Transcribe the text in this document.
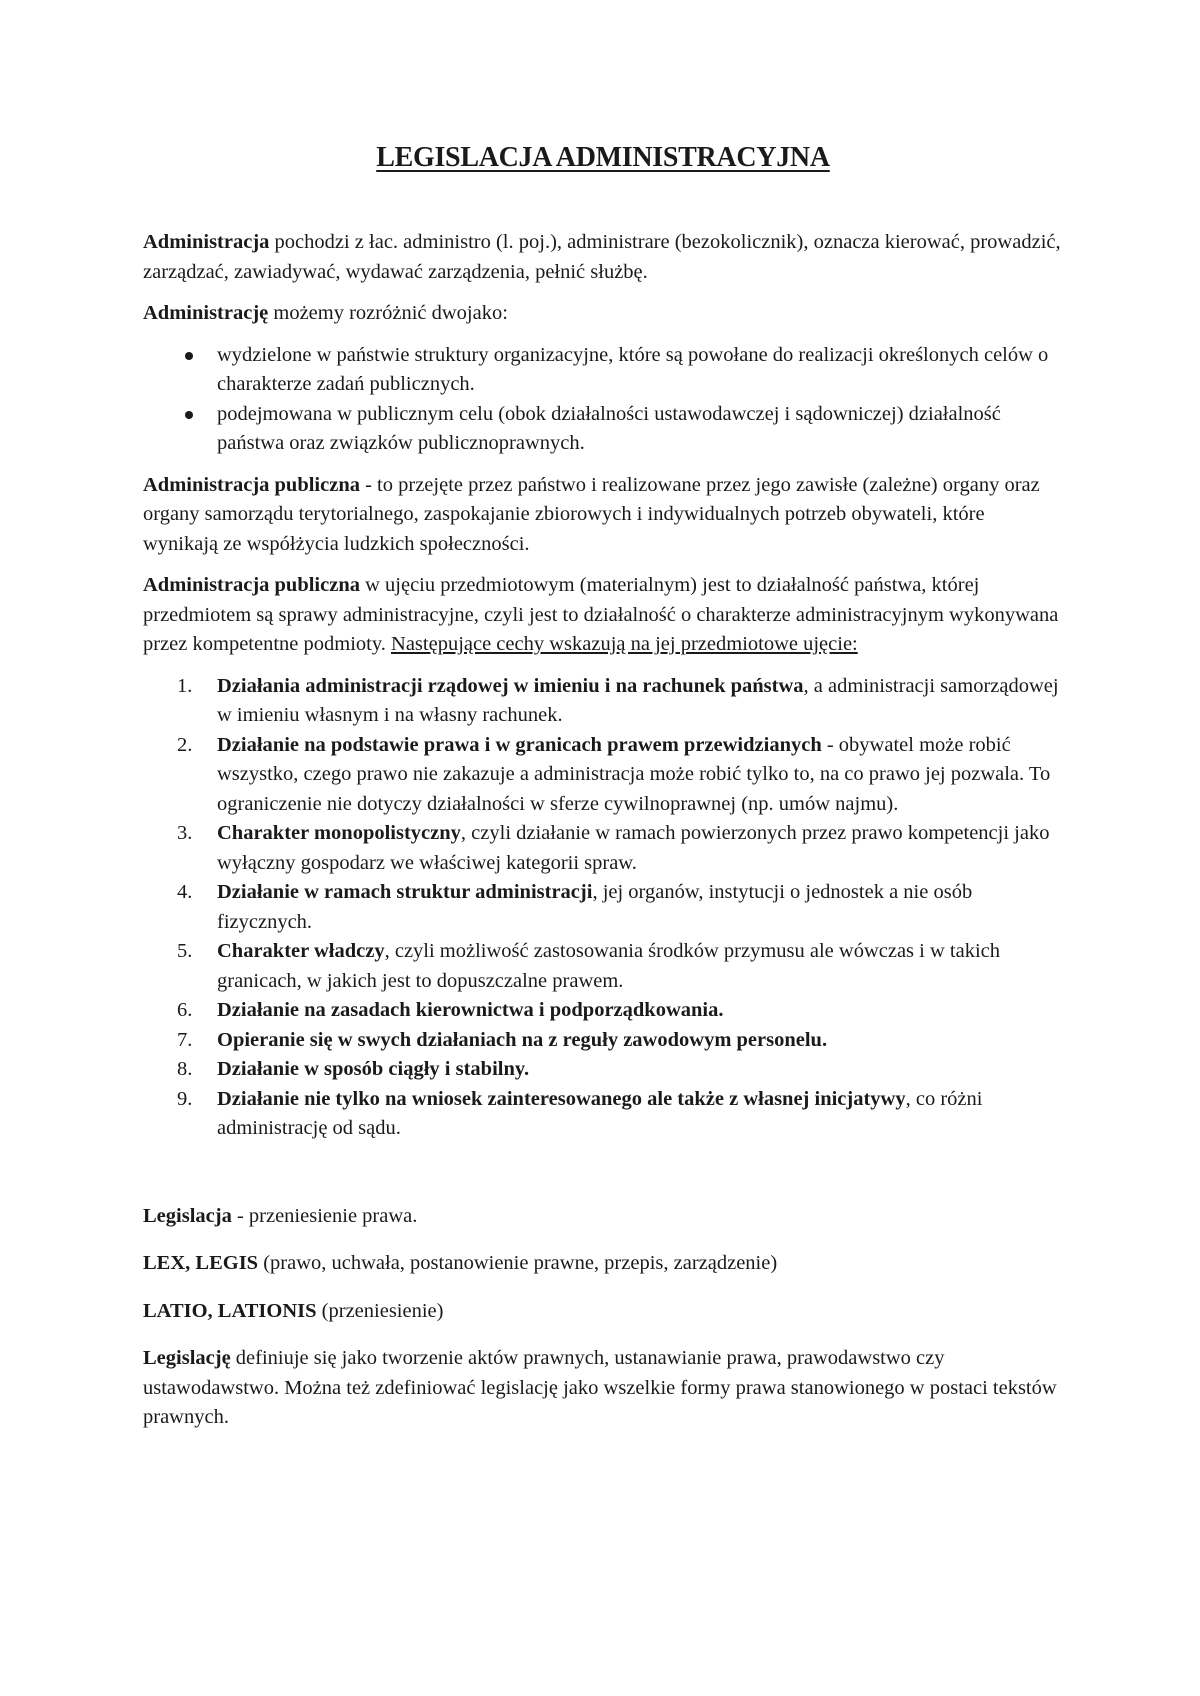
LEGISLACJA ADMINISTRACYJNA

Administracja pochodzi z łac. administro (l. poj.), administrare (bezokolicznik), oznacza kierować, prowadzić, zarządzać, zawiadywać, wydawać zarządzenia, pełnić służbę.

Administrację możemy rozróżnić dwojako:

wydzielone w państwie struktury organizacyjne, które są powołane do realizacji określonych celów o charakterze zadań publicznych.
podejmowana w publicznym celu (obok działalności ustawodawczej i sądowniczej) działalność państwa oraz związków publicznoprawnych.

Administracja publiczna - to przejęte przez państwo i realizowane przez jego zawisłe (zależne) organy oraz organy samorządu terytorialnego, zaspokajanie zbiorowych i indywidualnych potrzeb obywateli, które wynikają ze współżycia ludzkich społeczności.

Administracja publiczna w ujęciu przedmiotowym (materialnym) jest to działalność państwa, której przedmiotem są sprawy administracyjne, czyli jest to działalność o charakterze administracyjnym wykonywana przez kompetentne podmioty. Następujące cechy wskazują na jej przedmiotowe ujęcie:

1. Działania administracji rządowej w imieniu i na rachunek państwa, a administracji samorządowej w imieniu własnym i na własny rachunek.
2. Działanie na podstawie prawa i w granicach prawem przewidzianych - obywatel może robić wszystko, czego prawo nie zakazuje a administracja może robić tylko to, na co prawo jej pozwala. To ograniczenie nie dotyczy działalności w sferze cywilnoprawnej (np. umów najmu).
3. Charakter monopolistyczny, czyli działanie w ramach powierzonych przez prawo kompetencji jako wyłączny gospodarz we właściwej kategorii spraw.
4. Działanie w ramach struktur administracji, jej organów, instytucji o jednostek a nie osób fizycznych.
5. Charakter władczy, czyli możliwość zastosowania środków przymusu ale wówczas i w takich granicach, w jakich jest to dopuszczalne prawem.
6. Działanie na zasadach kierownictwa i podporządkowania.
7. Opieranie się w swych działaniach na z reguły zawodowym personelu.
8. Działanie w sposób ciągły i stabilny.
9. Działanie nie tylko na wniosek zainteresowanego ale także z własnej inicjatywy, co różni administrację od sądu.

Legislacja - przeniesienie prawa.

LEX, LEGIS (prawo, uchwała, postanowienie prawne, przepis, zarządzenie)

LATIO, LATIONIS (przeniesienie)

Legislację definiuje się jako tworzenie aktów prawnych, ustanawianie prawa, prawodawstwo czy ustawodawstwo. Można też zdefiniować legislację jako wszelkie formy prawa stanowionego w postaci tekstów prawnych.
